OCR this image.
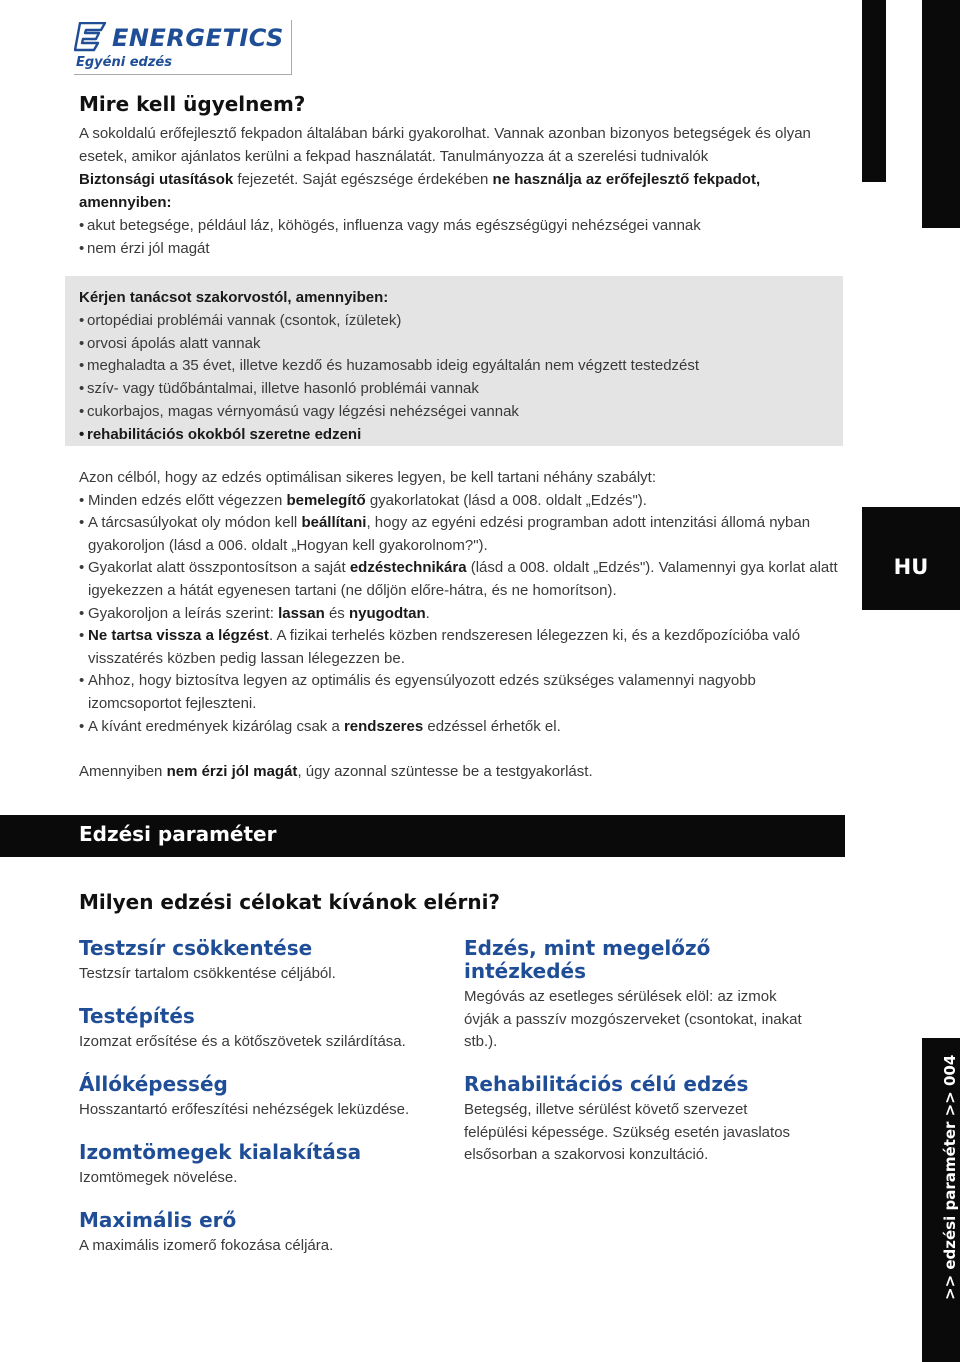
ENERGETICS
Egyéni edzés
HU
>> edzési paraméter >> 004
Mire kell ügyelnem?
A sokoldalú erőfejlesztő fekpadon általában bárki gyakorolhat. Vannak azonban bizonyos betegségek és olyan esetek, amikor ajánlatos kerülni a fekpad használatát. Tanulmányozza át a szerelési tudnivalók
Biztonsági utasítások fejezetét. Saját egészsége érdekében ne használja az erőfejlesztő fekpadot, amennyiben:
• akut betegsége, például láz, köhögés, influenza vagy más egészségügyi nehézségei vannak
• nem érzi jól magát
Kérjen tanácsot szakorvostól, amennyiben:
• ortopédiai problémái vannak (csontok, ízületek)
• orvosi ápolás alatt vannak
• meghaladta a 35 évet, illetve kezdő és huzamosabb ideig egyáltalán nem végzett testedzést
• szív- vagy tüdőbántalmai, illetve hasonló problémái vannak
• cukorbajos, magas vérnyomású vagy légzési nehézségei vannak
• rehabilitációs okokból szeretne edzeni
Azon célból, hogy az edzés optimálisan sikeres legyen, be kell tartani néhány szabályt:
• Minden edzés előtt végezzen bemelegítő gyakorlatokat (lásd a 008. oldalt „Edzés").
• A tárcsasúlyokat oly módon kell beállítani, hogy az egyéni edzési programban adott intenzitási állomá nyban gyakoroljon (lásd a 006. oldalt „Hogyan kell gyakorolnom?").
• Gyakorlat alatt összpontosítson a saját edzéstechnikára (lásd a 008. oldalt „Edzés"). Valamennyi gya korlat alatt igyekezzen a hátát egyenesen tartani (ne dőljön előre-hátra, és ne homorítson).
• Gyakoroljon a leírás szerint: lassan és nyugodtan.
• Ne tartsa vissza a légzést. A fizikai terhelés közben rendszeresen lélegezzen ki, és a kezdőpozícióba való visszatérés közben pedig lassan lélegezzen be.
• Ahhoz, hogy biztosítva legyen az optimális és egyensúlyozott edzés szükséges valamennyi nagyobb izomcsoportot fejleszteni.
• A kívánt eredmények kizárólag csak a rendszeres edzéssel érhetők el.
Amennyiben nem érzi jól magát, úgy azonnal szüntesse be a testgyakorlást.
Edzési paraméter
Milyen edzési célokat kívánok elérni?
Testzsír csökkentése
Testzsír tartalom csökkentése céljából.
Testépítés
Izomzat erősítése és a kötőszövetek szilárdítása.
Állóképesség
Hosszantartó erőfeszítési nehézségek leküzdése.
Izomtömegek kialakítása
Izomtömegek növelése.
Maximális erő
A maximális izomerő fokozása céljára.
Edzés, mint megelőző intézkedés
Megóvás az esetleges sérülések elöl: az izmok óvják a passzív mozgószerveket (csontokat, inakat stb.).
Rehabilitációs célú edzés
Betegség, illetve sérülést követő szervezet felépülési képessége. Szükség esetén javaslatos elsősorban a szakorvosi konzultáció.
